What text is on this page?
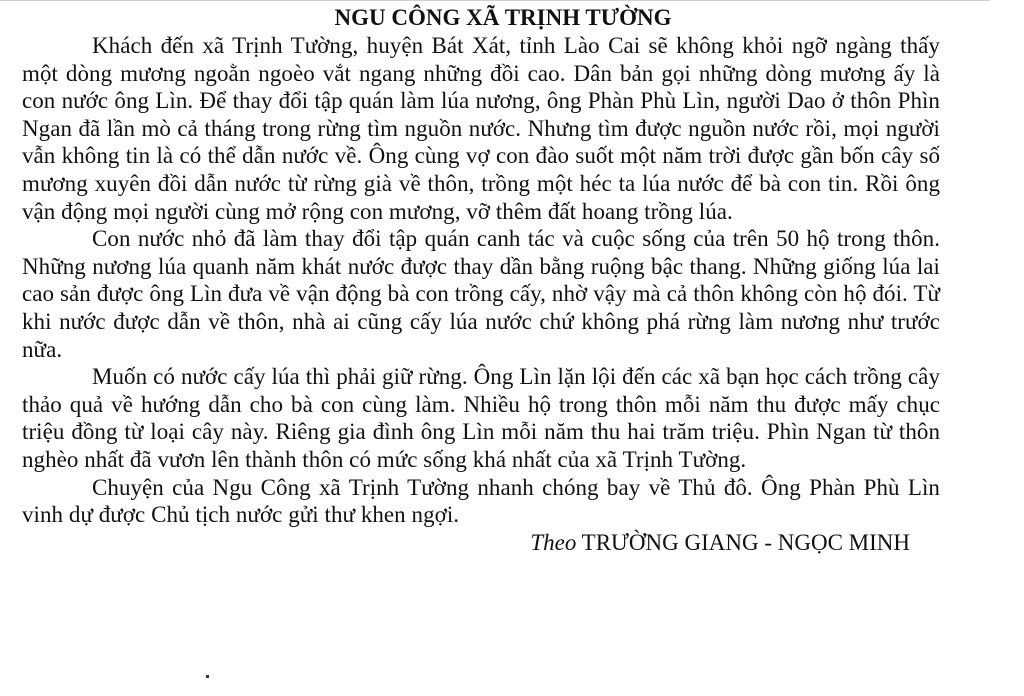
NGU CÔNG XÃ TRỊNH TƯỜNG

Khách đến xã Trịnh Tường, huyện Bát Xát, tỉnh Lào Cai sẽ không khỏi ngỡ ngàng thấy một dòng mương ngoằn ngoèo vắt ngang những đồi cao. Dân bản gọi những dòng mương ấy là con nước ông Lìn. Để thay đổi tập quán làm lúa nương, ông Phàn Phù Lìn, người Dao ở thôn Phìn Ngan đã lần mò cả tháng trong rừng tìm nguồn nước. Nhưng tìm được nguồn nước rồi, mọi người vẫn không tin là có thể dẫn nước về. Ông cùng vợ con đào suốt một năm trời được gần bốn cây số mương xuyên đồi dẫn nước từ rừng già về thôn, trồng một héc ta lúa nước để bà con tin. Rồi ông vận động mọi người cùng mở rộng con mương, vỡ thêm đất hoang trồng lúa.

Con nước nhỏ đã làm thay đổi tập quán canh tác và cuộc sống của trên 50 hộ trong thôn. Những nương lúa quanh năm khát nước được thay dần bằng ruộng bậc thang. Những giống lúa lai cao sản được ông Lìn đưa về vận động bà con trồng cấy, nhờ vậy mà cả thôn không còn hộ đói. Từ khi nước được dẫn về thôn, nhà ai cũng cấy lúa nước chứ không phá rừng làm nương như trước nữa.

Muốn có nước cấy lúa thì phải giữ rừng. Ông Lìn lặn lội đến các xã bạn học cách trồng cây thảo quả về hướng dẫn cho bà con cùng làm. Nhiều hộ trong thôn mỗi năm thu được mấy chục triệu đồng từ loại cây này. Riêng gia đình ông Lìn mỗi năm thu hai trăm triệu. Phìn Ngan từ thôn nghèo nhất đã vươn lên thành thôn có mức sống khá nhất của xã Trịnh Tường.

Chuyện của Ngu Công xã Trịnh Tường nhanh chóng bay về Thủ đô. Ông Phàn Phù Lìn vinh dự được Chủ tịch nước gửi thư khen ngợi.

Theo TRƯỜNG GIANG - NGỌC MINH
